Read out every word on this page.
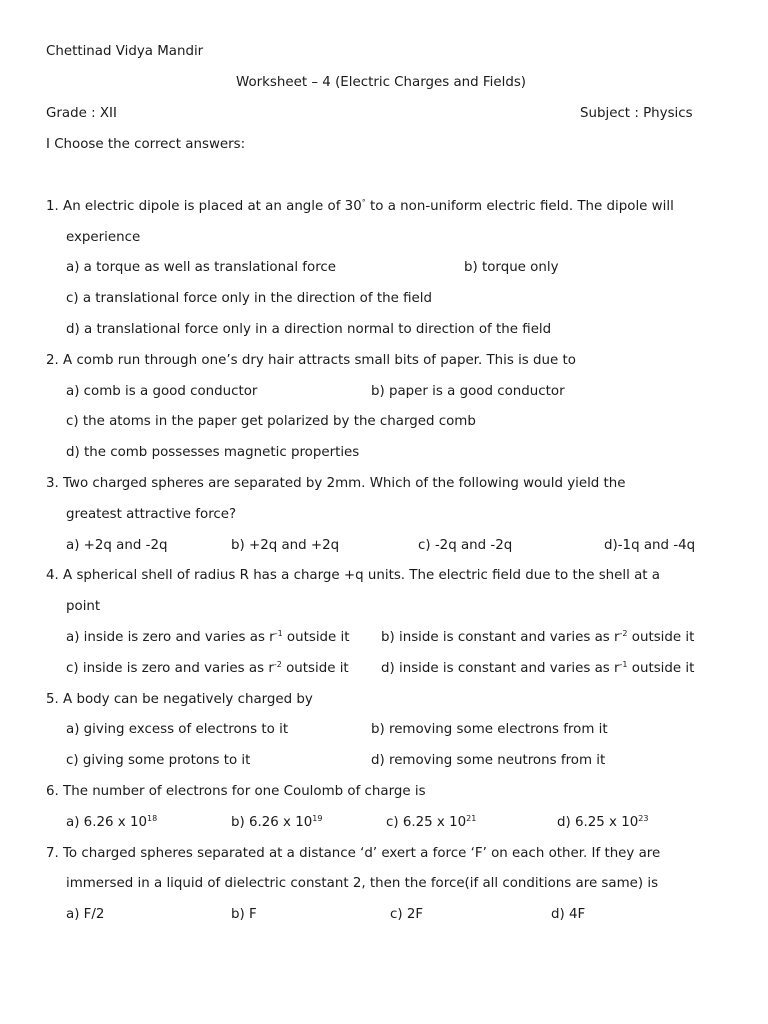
Chettinad Vidya Mandir
Worksheet – 4 (Electric Charges and Fields)
Grade : XII	Subject : Physics
I Choose the correct answers:
1. An electric dipole is placed at an angle of 30° to a non-uniform electric field. The dipole will
experience
a) a torque as well as translational force	b) torque only
c) a translational force only in the direction of the field
d) a translational force only in a direction normal to direction of the field
2. A comb run through one’s dry hair attracts small bits of paper. This is due to
a) comb is a good conductor	b) paper is a good conductor
c) the atoms in the paper get polarized by the charged comb
d) the comb possesses magnetic properties
3. Two charged spheres are separated by 2mm. Which of the following would yield the
greatest attractive force?
a) +2q and -2q	b) +2q and +2q	c) -2q and -2q	d)-1q and -4q
4. A spherical shell of radius R has a charge +q units. The electric field due to the shell at a
point
a) inside is zero and varies as $r^{-1}$ outside it b) inside is constant and varies as $r^{-2}$ outside it
c) inside is zero and varies as $r^{-2}$ outside it d) inside is constant and varies as $r^{-1}$ outside it
5. A body can be negatively charged by
a) giving excess of electrons to it	b) removing some electrons from it
c) giving some protons to it	d) removing some neutrons from it
6. The number of electrons for one Coulomb of charge is
a) 6.26 x $10^{18}$	b) 6.26 x $10^{19}$	c) 6.25 x $10^{21}$	d) 6.25 x $10^{23}$
7. To charged spheres separated at a distance ‘d’ exert a force ‘F’ on each other. If they are
immersed in a liquid of dielectric constant 2, then the force(if all conditions are same) is
a) F/2	b) F	c) 2F	d) 4F
